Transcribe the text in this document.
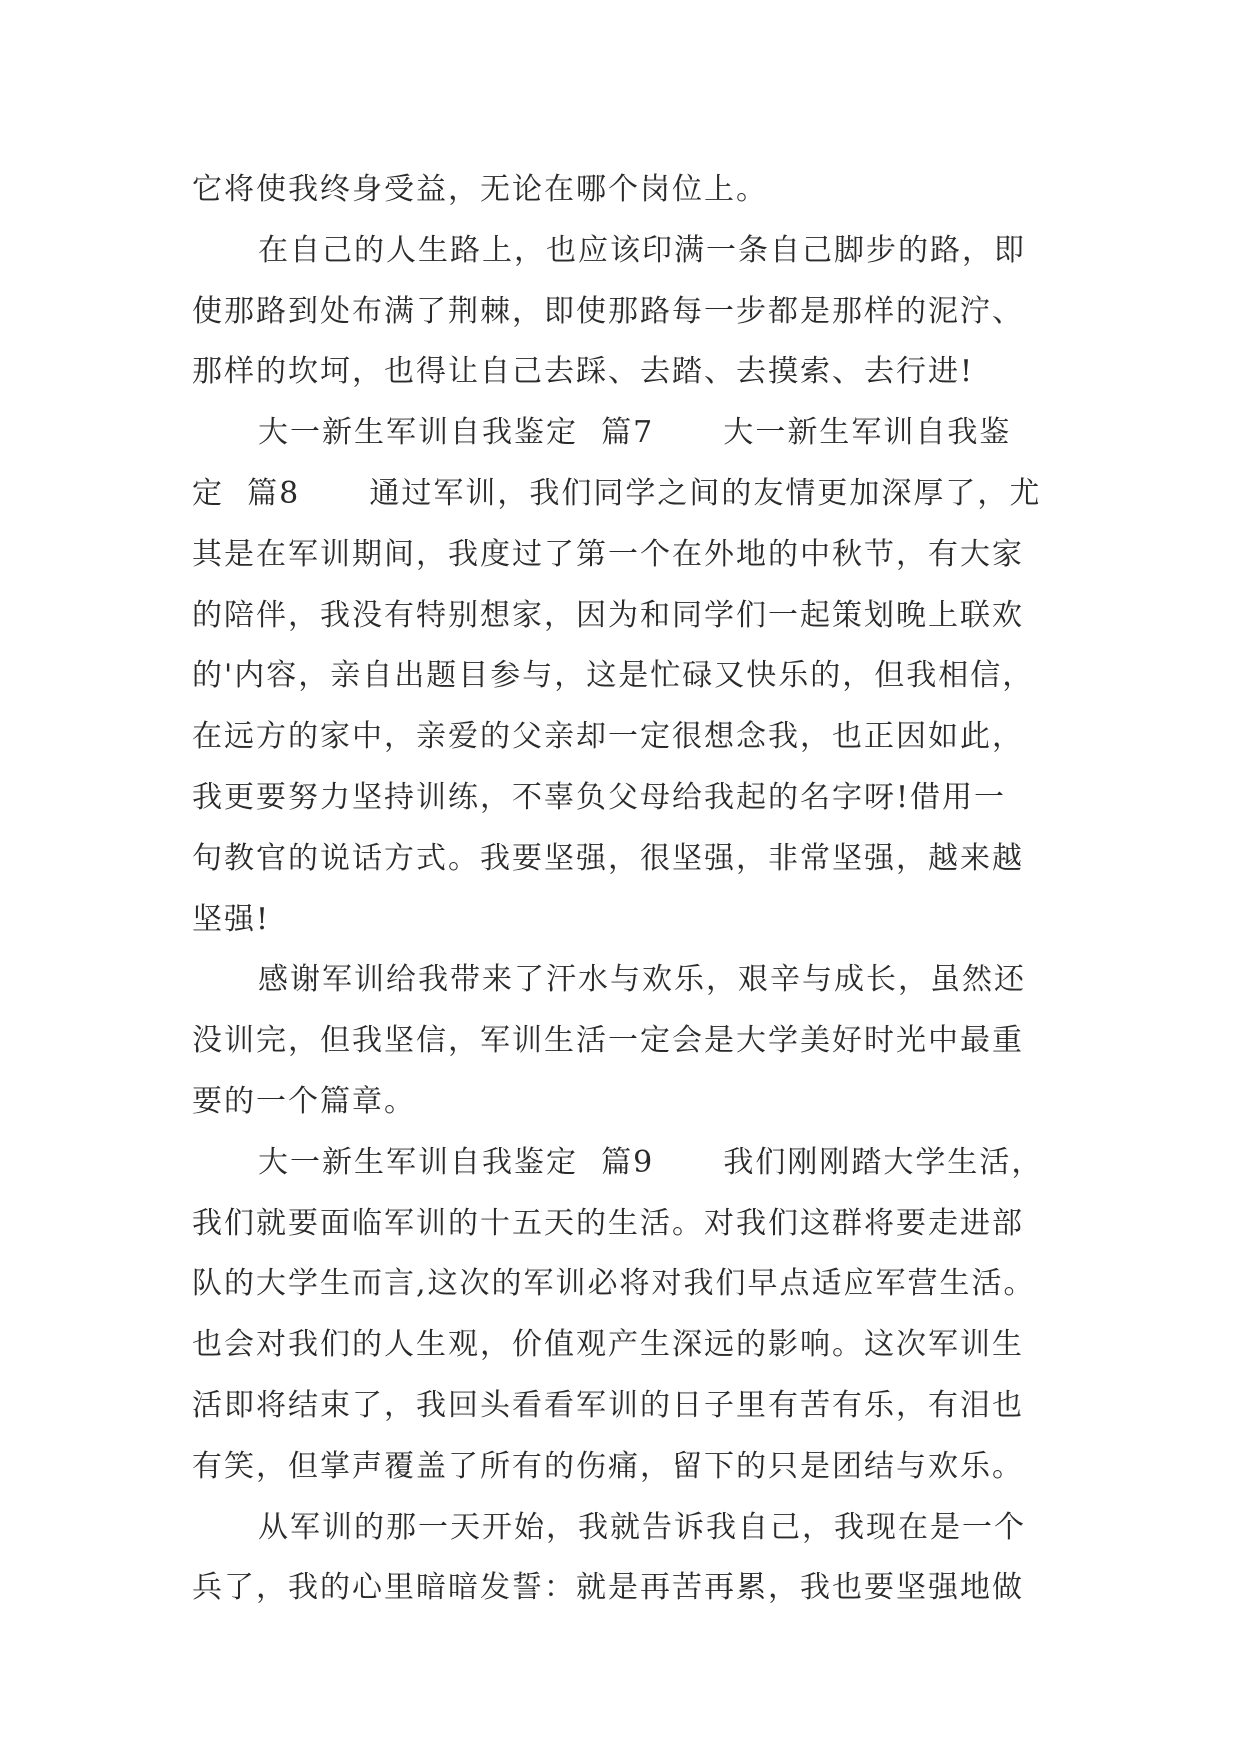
它将使我终身受益，无论在哪个岗位上。
在自己的人生路上，也应该印满一条自己脚步的路，即
使那路到处布满了荆棘，即使那路每一步都是那样的泥泞、
那样的坎坷，也得让自己去踩、去踏、去摸索、去行进!
大一新生军训自我鉴定  篇7      大一新生军训自我鉴
定  篇8      通过军训，我们同学之间的友情更加深厚了，尤
其是在军训期间，我度过了第一个在外地的中秋节，有大家
的陪伴，我没有特别想家，因为和同学们一起策划晚上联欢
的'内容，亲自出题目参与，这是忙碌又快乐的，但我相信，
在远方的家中，亲爱的父亲却一定很想念我，也正因如此，
我更要努力坚持训练，不辜负父母给我起的名字呀!借用一
句教官的说话方式。我要坚强，很坚强，非常坚强，越来越
坚强!
感谢军训给我带来了汗水与欢乐，艰辛与成长，虽然还
没训完，但我坚信，军训生活一定会是大学美好时光中最重
要的一个篇章。
大一新生军训自我鉴定  篇9      我们刚刚踏大学生活，
我们就要面临军训的十五天的生活。对我们这群将要走进部
队的大学生而言,这次的军训必将对我们早点适应军营生活。
也会对我们的人生观，价值观产生深远的影响。这次军训生
活即将结束了，我回头看看军训的日子里有苦有乐，有泪也
有笑，但掌声覆盖了所有的伤痛，留下的只是团结与欢乐。
从军训的那一天开始，我就告诉我自己，我现在是一个
兵了，我的心里暗暗发誓：就是再苦再累，我也要坚强地做
